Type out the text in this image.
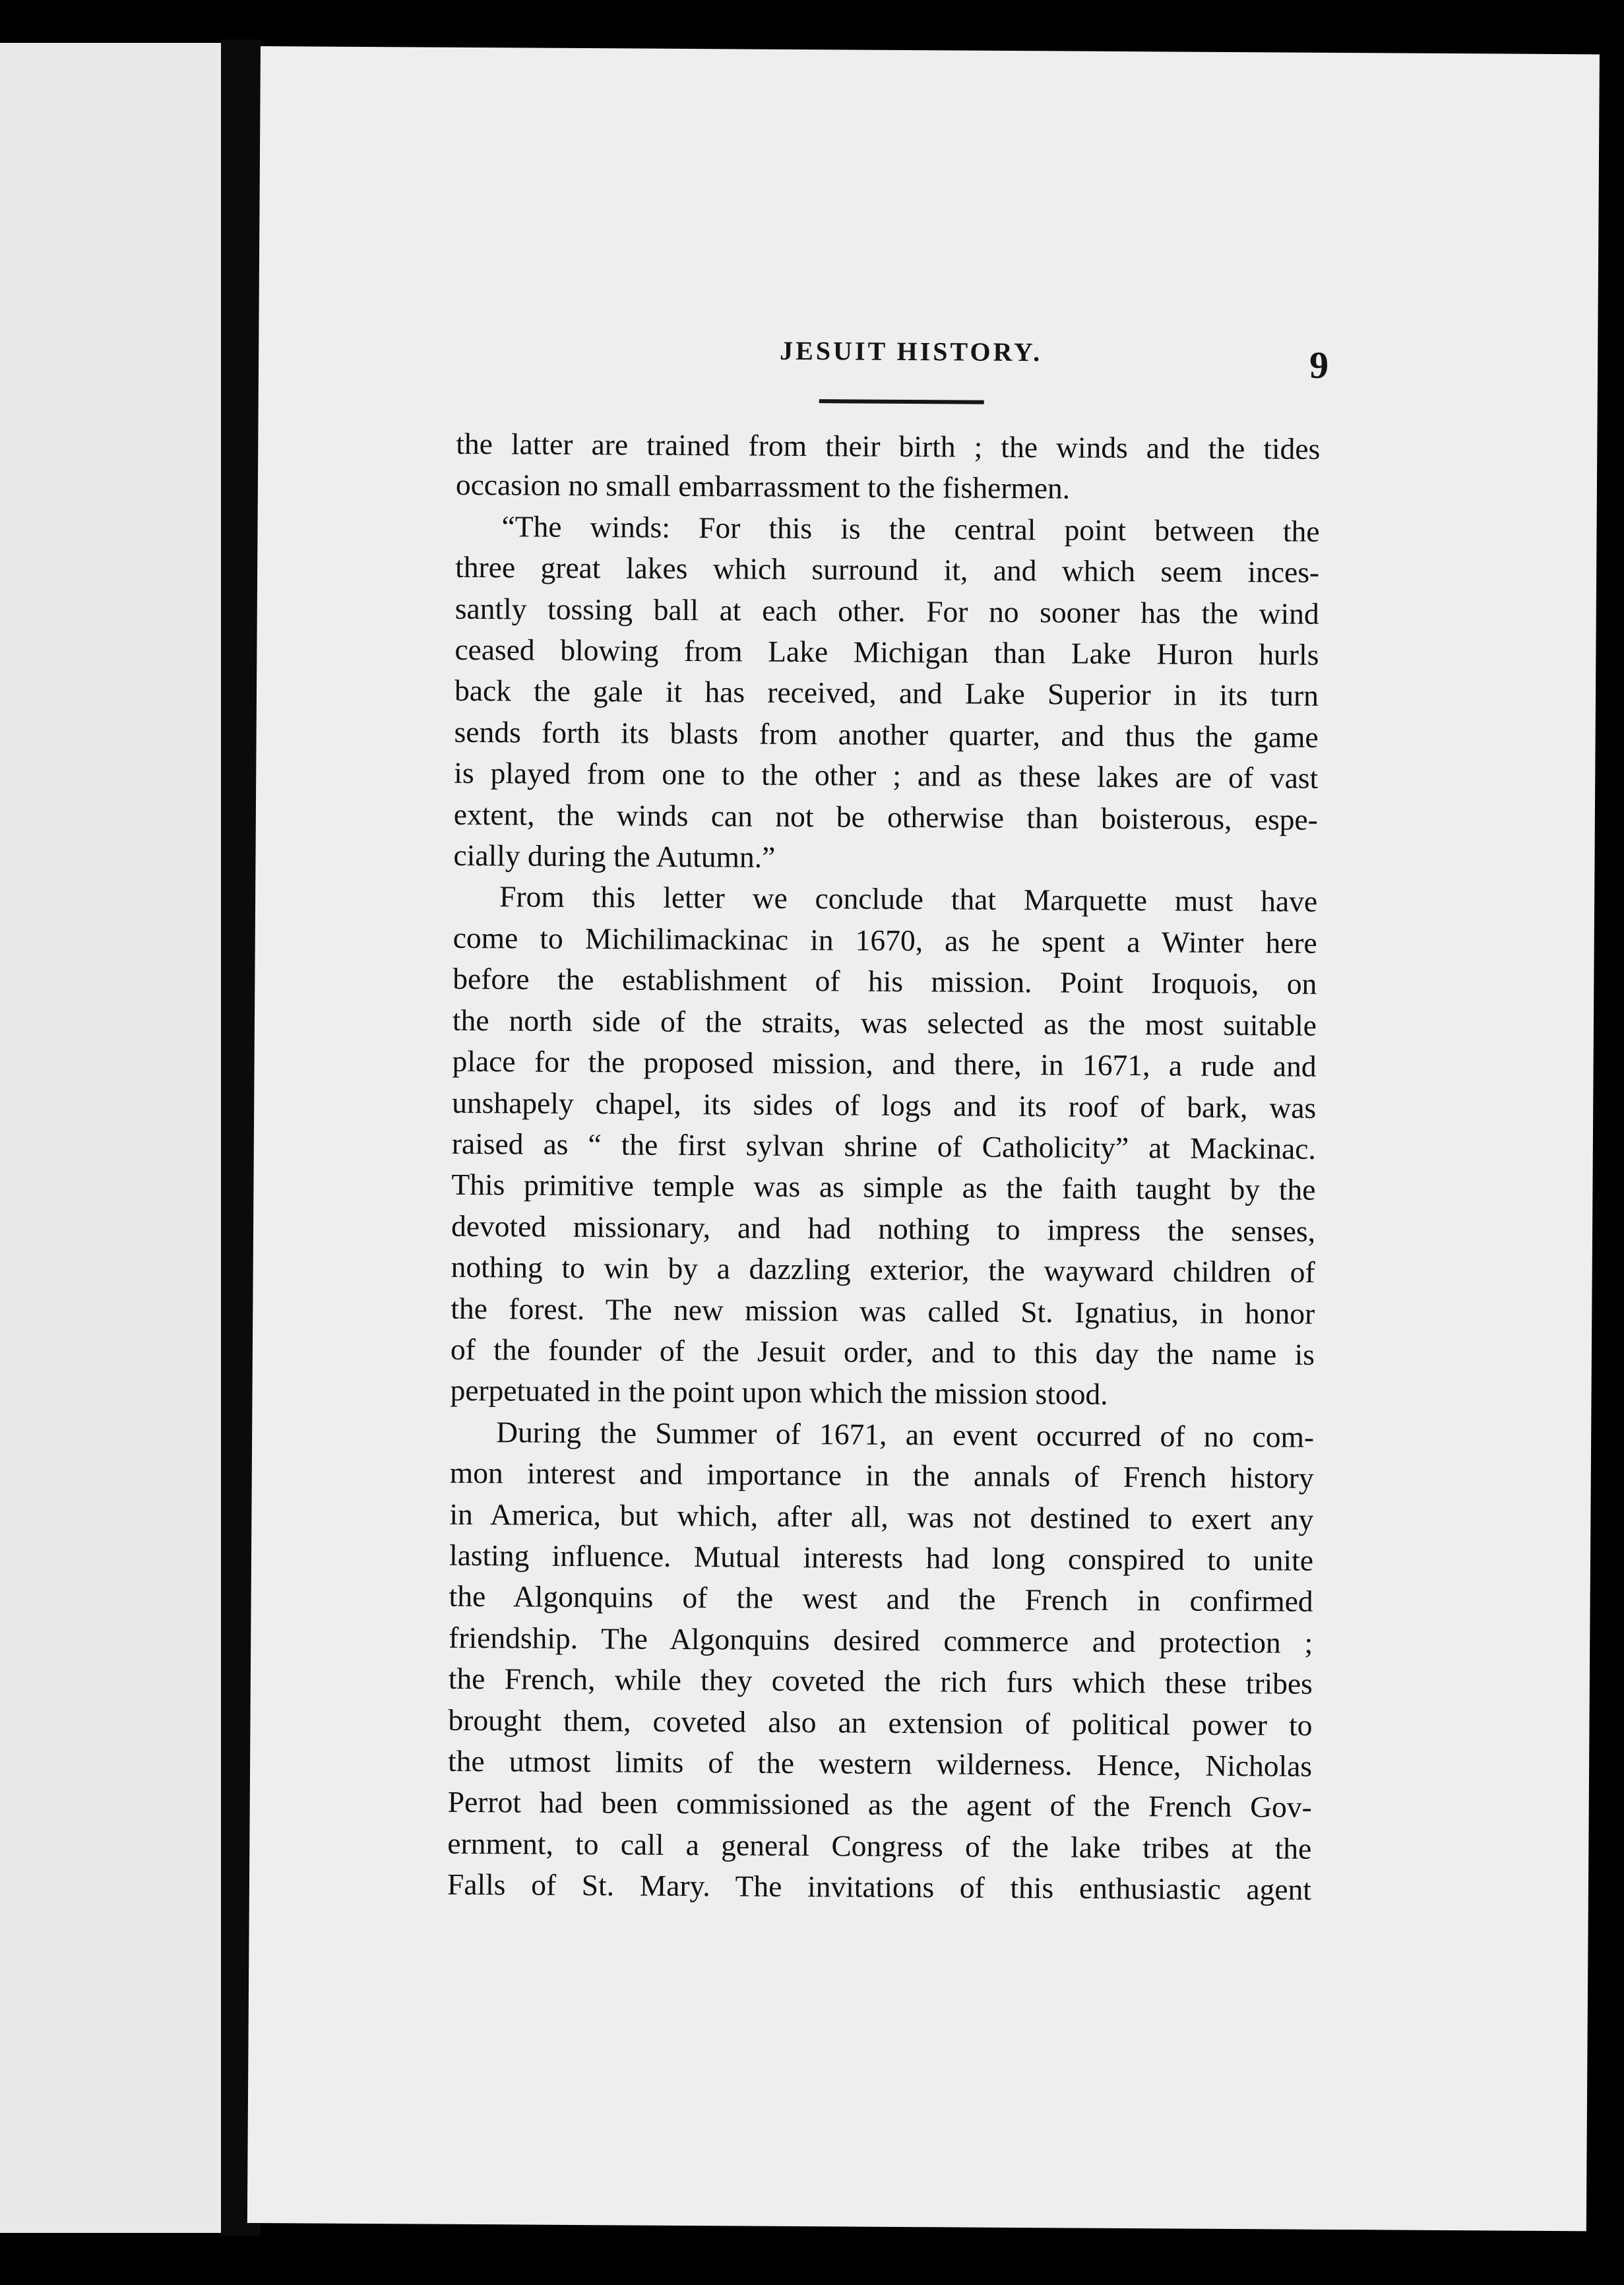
JESUIT HISTORY.	9
the latter are trained from their birth ; the winds and the tides
occasion no small embarrassment to the fishermen.
“The winds: For this is the central point between the
three great lakes which surround it, and which seem inces-
santly tossing ball at each other. For no sooner has the wind
ceased blowing from Lake Michigan than Lake Huron hurls
back the gale it has received, and Lake Superior in its turn
sends forth its blasts from another quarter, and thus the game
is played from one to the other ; and as these lakes are of vast
extent, the winds can not be otherwise than boisterous, espe-
cially during the Autumn.”
From this letter we conclude that Marquette must have
come to Michilimackinac in 1670, as he spent a Winter here
before the establishment of his mission. Point Iroquois, on
the north side of the straits, was selected as the most suitable
place for the proposed mission, and there, in 1671, a rude and
unshapely chapel, its sides of logs and its roof of bark, was
raised as “ the first sylvan shrine of Catholicity” at Mackinac.
This primitive temple was as simple as the faith taught by the
devoted missionary, and had nothing to impress the senses,
nothing to win by a dazzling exterior, the wayward children of
the forest. The new mission was called St. Ignatius, in honor
of the founder of the Jesuit order, and to this day the name is
perpetuated in the point upon which the mission stood.
During the Summer of 1671, an event occurred of no com-
mon interest and importance in the annals of French history
in America, but which, after all, was not destined to exert any
lasting influence. Mutual interests had long conspired to unite
the Algonquins of the west and the French in confirmed
friendship. The Algonquins desired commerce and protection ;
the French, while they coveted the rich furs which these tribes
brought them, coveted also an extension of political power to
the utmost limits of the western wilderness. Hence, Nicholas
Perrot had been commissioned as the agent of the French Gov-
ernment, to call a general Congress of the lake tribes at the
Falls of St. Mary. The invitations of this enthusiastic agent
